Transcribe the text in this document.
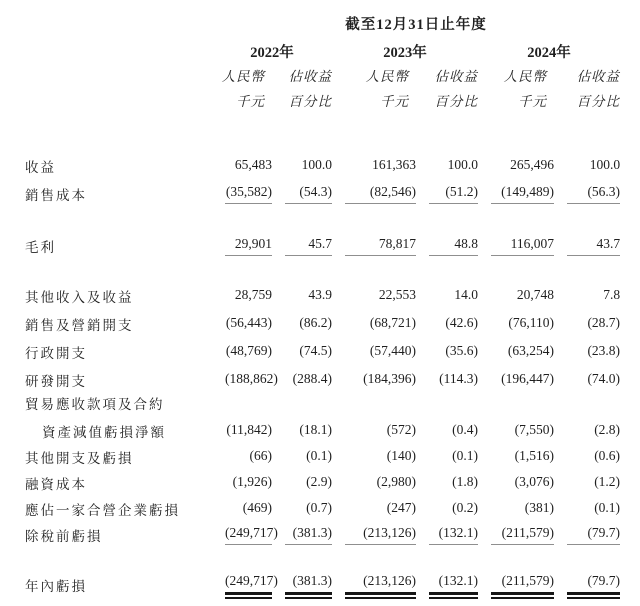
	截至12月31日止年度					
	2022年		2023年		2024年	
	人民幣	佔收益	人民幣	佔收益	人民幣	佔收益
	千元	百分比	千元	百分比	千元	百分比

收益	65,483	100.0	161,363	100.0	265,496	100.0

銷售成本	(35,582)	(54.3)	(82,546)	(51.2)	(149,489)	(56.3)

毛利	29,901	45.7	78,817	48.8	116,007	43.7

其他收入及收益	28,759	43.9	22,553	14.0	20,748	7.8

銷售及營銷開支	(56,443)	(86.2)	(68,721)	(42.6)	(76,110)	(28.7)

行政開支	(48,769)	(74.5)	(57,440)	(35.6)	(63,254)	(23.8)

研發開支	(188,862)	(288.4)	(184,396)	(114.3)	(196,447)	(74.0)

貿易應收款項及合約						
資產減值虧損淨額	(11,842)	(18.1)	(572)	(0.4)	(7,550)	(2.8)

其他開支及虧損	(66)	(0.1)	(140)	(0.1)	(1,516)	(0.6)

融資成本	(1,926)	(2.9)	(2,980)	(1.8)	(3,076)	(1.2)

應佔一家合營企業虧損	(469)	(0.7)	(247)	(0.2)	(381)	(0.1)

除稅前虧損	(249,717)	(381.3)	(213,126)	(132.1)	(211,579)	(79.7)

年內虧損	(249,717)	(381.3)	(213,126)	(132.1)	(211,579)	(79.7)
